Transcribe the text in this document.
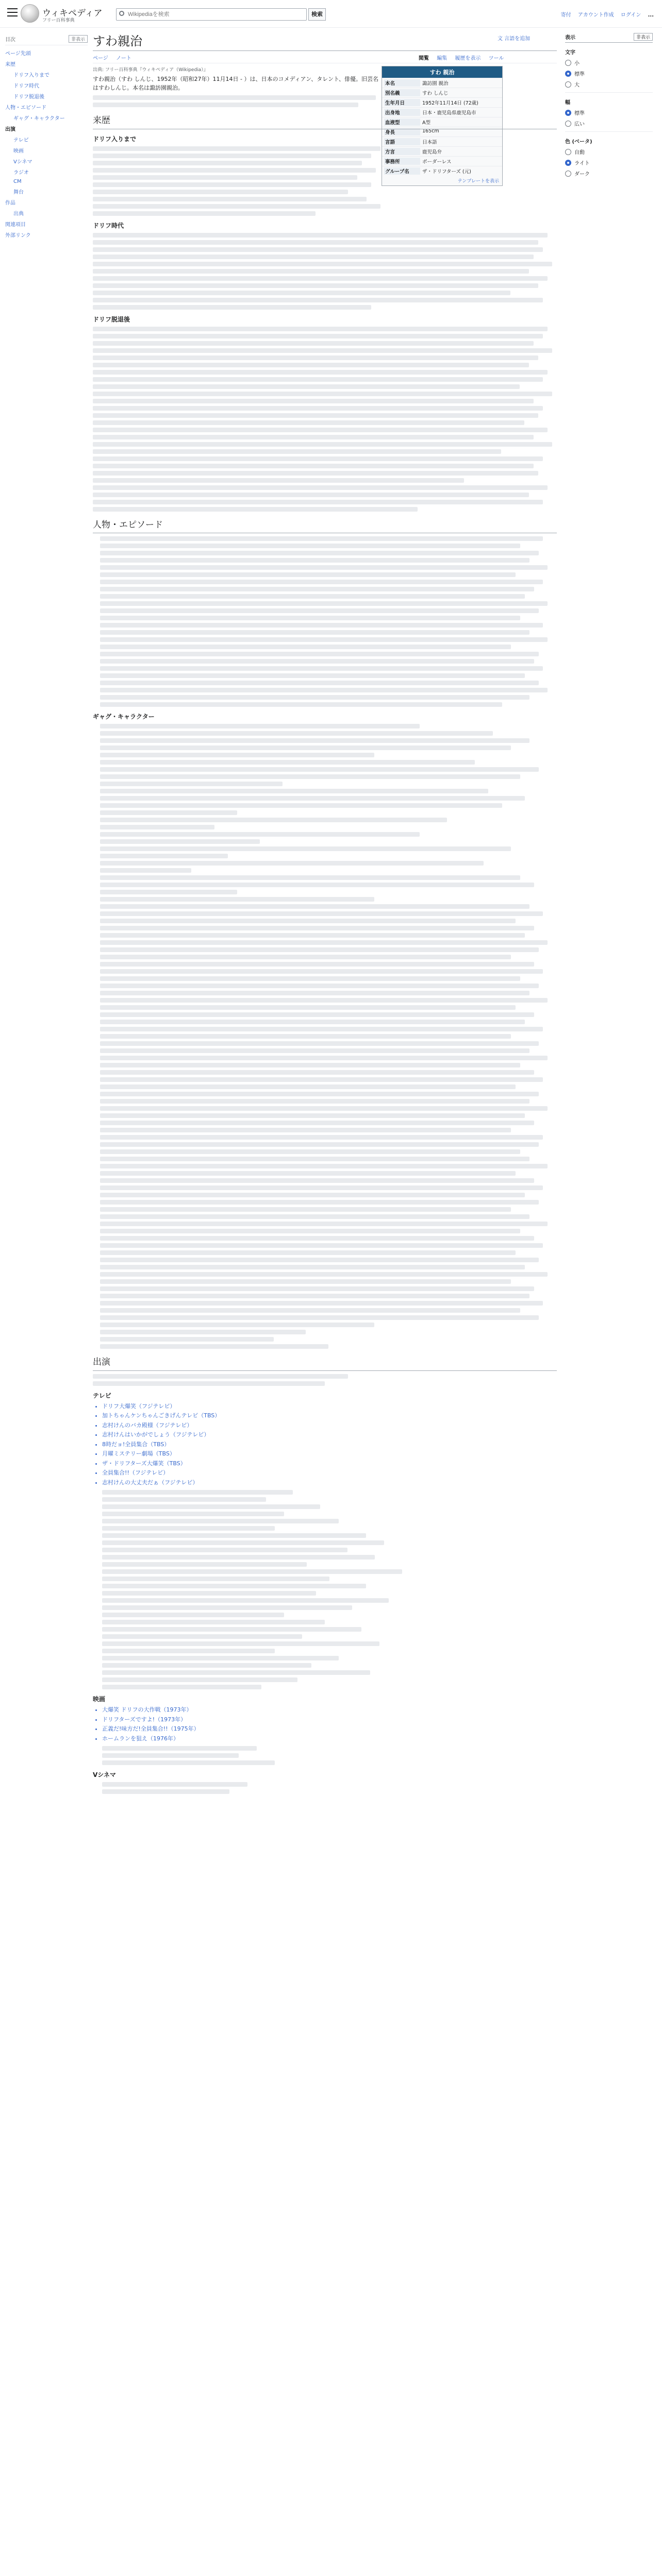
ウィキペディア
フリー百科事典
Wikipediaを検索
検索	寄付 アカウント作成 ログイン ...
目次	非表示
ページ先頭
来歴
ドリフ入りまで
ドリフ時代
ドリフ脱退後
人物・エピソード
ギャグ・キャラクター
出演
テレビ
映画
Vシネマ
ラジオ
CM
舞台
作品
出典
関連項目
外部リンク
すわ親治	文 言語を追加
ページ ノート	閲覧 編集 履歴を表示 ツール
出典: フリー百科事典『ウィキペディア（Wikipedia）』	すわ 親治
本名	諏訪園 親治
別名義	すわ しんじ
生年月日	1952年11月14日 (72歳)
出身地	日本・鹿児島県鹿児島市
血液型	A型
身長	165cm
言語	日本語
方言	鹿児島弁
事務所	ボーダーレス
グループ名	ザ・ドリフターズ (元)
テンプレートを表示
表示	非表示
文字
小
標準
大
幅
標準
広い
色 (ベータ)
自動
ライト
ダーク

すわ親治（すわ しんじ、1952年（昭和27年）11月14日 - ）は、日本のコメディアン、タレント、俳優。旧芸名はすわしんじ。本名は諏訪園親治。

来歴
ドリフ入りまで
ドリフ時代
ドリフ脱退後
人物・エピソード
ギャグ・キャラクター
出演
テレビ
• ドリフ大爆笑（フジテレビ）
• 加トちゃんケンちゃんごきげんテレビ（TBS）
• 志村けんのバカ殿様（フジテレビ）
• 志村けんはいかがでしょう（フジテレビ）
• 8時だョ!全員集合（TBS）
• 月曜ミステリー劇場（TBS）
• ザ・ドリフターズ大爆笑（TBS）
• 全員集合!!（フジテレビ）
• 志村けんの大丈夫だぁ（フジテレビ）
映画
• 大爆笑 ドリフの大作戦（1973年）
• ドリフターズですよ!（1973年）
• 正義だ!味方だ!全員集合!!（1975年）
• ホームランを狙え（1976年）
Vシネマ
